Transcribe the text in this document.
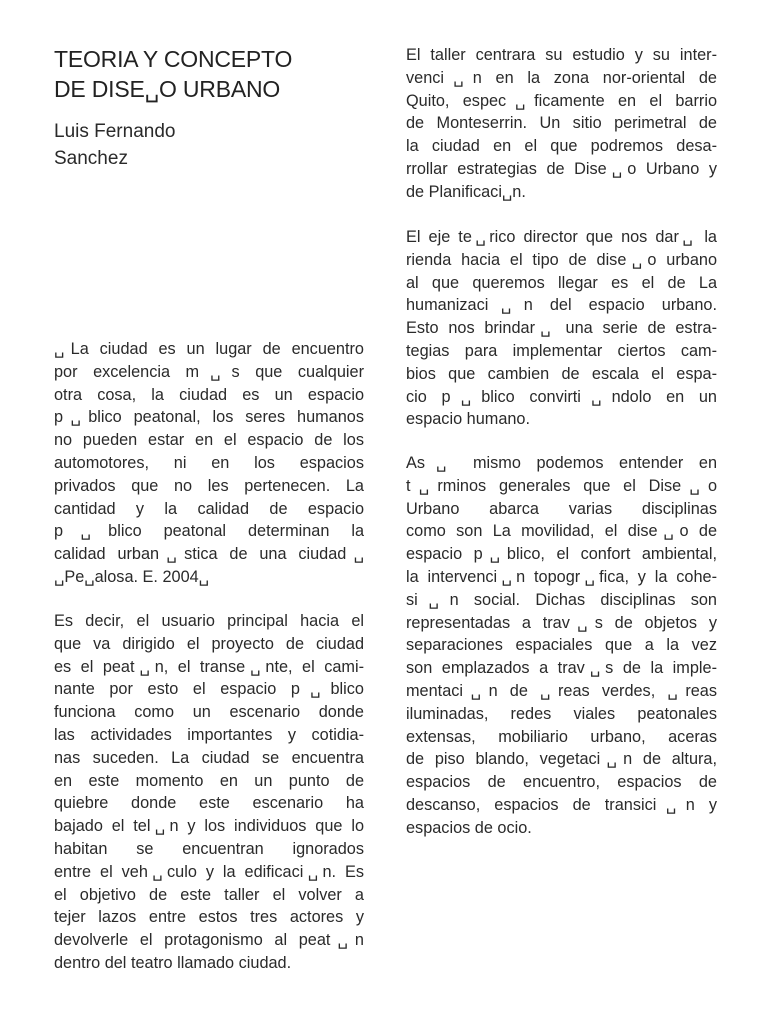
TEORIA Y CONCEPTO
DE DISE␣O URBANO
Luis Fernando
Sanchez

␣La ciudad es un lugar de encuentro
por excelencia m␣s que cualquier
otra cosa, la ciudad es un espacio
p␣blico peatonal, los seres humanos
no pueden estar en el espacio de los
automotores, ni en los espacios
privados que no les pertenecen. La
cantidad y la calidad de espacio
p␣blico peatonal determinan la
calidad urban␣stica de una ciudad␣
␣Pe␣alosa. E. 2004␣

Es decir, el usuario principal hacia el
que va dirigido el proyecto de ciudad
es el peat␣n, el transe␣nte, el cami-
nante por esto el espacio p␣blico
funciona como un escenario donde
las actividades importantes y cotidia-
nas suceden. La ciudad se encuentra
en este momento en un punto de
quiebre donde este escenario ha
bajado el tel␣n y los individuos que lo
habitan se encuentran ignorados
entre el veh␣culo y la edificaci␣n. Es
el objetivo de este taller el volver a
tejer lazos entre estos tres actores y
devolverle el protagonismo al peat␣n
dentro del teatro llamado ciudad.

El taller centrara su estudio y su inter-
venci␣n en la zona nor-oriental de
Quito, espec␣ficamente en el barrio
de Monteserrin. Un sitio perimetral de
la ciudad en el que podremos desa-
rrollar estrategias de Dise␣o Urbano y
de Planificaci␣n.

El eje te␣rico director que nos dar␣ la
rienda hacia el tipo de dise␣o urbano
al que queremos llegar es el de La
humanizaci␣n del espacio urbano.
Esto nos brindar␣ una serie de estra-
tegias para implementar ciertos cam-
bios que cambien de escala el espa-
cio p␣blico convirti␣ndolo en un
espacio humano.

As␣ mismo podemos entender en
t␣rminos generales que el Dise␣o
Urbano abarca varias disciplinas
como son La movilidad, el dise␣o de
espacio p␣blico, el confort ambiental,
la intervenci␣n topogr␣fica, y la cohe-
si␣n social. Dichas disciplinas son
representadas a trav␣s de objetos y
separaciones espaciales que a la vez
son emplazados a trav␣s de la imple-
mentaci␣n de ␣reas verdes, ␣reas
iluminadas, redes viales peatonales
extensas, mobiliario urbano, aceras
de piso blando, vegetaci␣n de altura,
espacios de encuentro, espacios de
descanso, espacios de transici␣n y
espacios de ocio.
